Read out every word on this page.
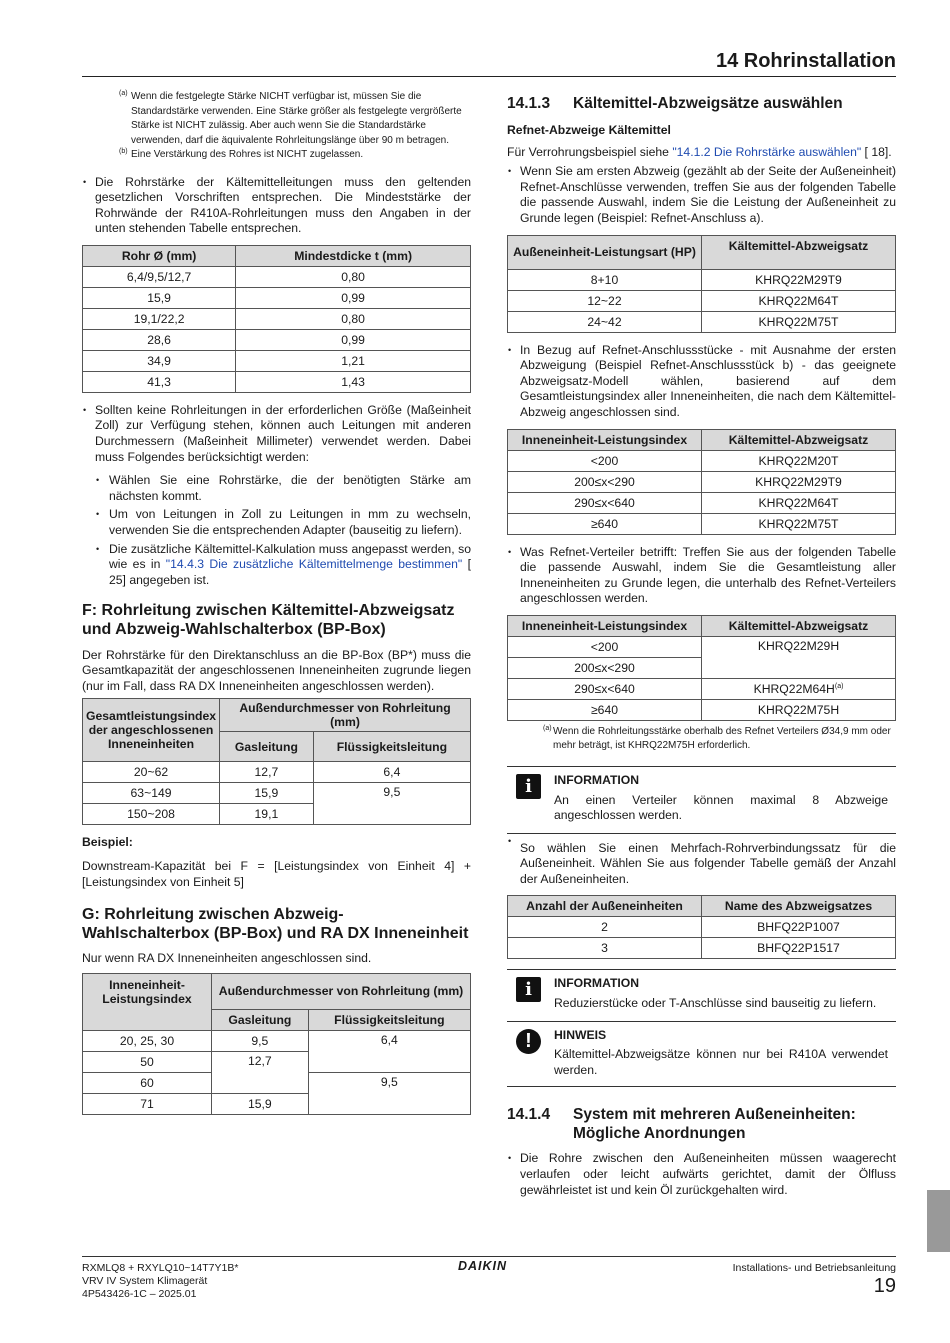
14 Rohrinstallation
(a) Wenn die festgelegte Stärke NICHT verfügbar ist, müssen Sie die Standardstärke verwenden. Eine Stärke größer als festgelegte vergrößerte Stärke ist NICHT zulässig. Aber auch wenn Sie die Standardstärke verwenden, darf die äquivalente Rohrleitungslänge über 90 m betragen.
(b) Eine Verstärkung des Rohres ist NICHT zugelassen.
• Die Rohrstärke der Kältemittelleitungen muss den geltenden gesetzlichen Vorschriften entsprechen. Die Mindeststärke der Rohrwände der R410A-Rohrleitungen muss den Angaben in der unten stehenden Tabelle entsprechen.
Rohr Ø (mm)	Mindestdicke t (mm)
6,4/9,5/12,7	0,80
15,9	0,99
19,1/22,2	0,80
28,6	0,99
34,9	1,21
41,3	1,43
• Sollten keine Rohrleitungen in der erforderlichen Größe (Maßeinheit Zoll) zur Verfügung stehen, können auch Leitungen mit anderen Durchmessern (Maßeinheit Millimeter) verwendet werden. Dabei muss Folgendes berücksichtigt werden:
• Wählen Sie eine Rohrstärke, die der benötigten Stärke am nächsten kommt.
• Um von Leitungen in Zoll zu Leitungen in mm zu wechseln, verwenden Sie die entsprechenden Adapter (bauseitig zu liefern).
• Die zusätzliche Kältemittel-Kalkulation muss angepasst werden, so wie es in "14.4.3 Die zusätzliche Kältemittelmenge bestimmen" [ 25] angegeben ist.
F: Rohrleitung zwischen Kältemittel-Abzweigsatz und Abzweig-Wahlschalterbox (BP-Box)

Der Rohrstärke für den Direktanschluss an die BP-Box (BP*) muss die Gesamtkapazität der angeschlossenen Inneneinheiten zugrunde liegen (nur im Fall, dass RA DX Inneneinheiten angeschlossen werden).

Gesamtleistungsindex der angeschlossenen Inneneinheiten	Außendurchmesser von Rohrleitung (mm)	
	Gasleitung	Flüssigkeitsleitung
20~62	12,7	6,4
63~149	15,9	9,5
150~208	19,1	
Beispiel:

Downstream-Kapazität bei F = [Leistungsindex von Einheit 4] + [Leistungsindex von Einheit 5]

G: Rohrleitung zwischen Abzweig-Wahlschalterbox (BP-Box) und RA DX Inneneinheit

Nur wenn RA DX Inneneinheiten angeschlossen sind.

Inneneinheit-Leistungsindex	Außendurchmesser von Rohrleitung (mm)	
	Gasleitung	Flüssigkeitsleitung
20, 25, 30	9,5	6,4
50	12,7	
60		9,5
71	15,9	
14.1.3 Kältemittel-Abzweigsätze auswählen
Refnet-Abzweige Kältemittel

Für Verrohrungsbeispiel siehe "14.1.2 Die Rohrstärke auswählen" [ 18].

• Wenn Sie am ersten Abzweig (gezählt ab der Seite der Außeneinheit) Refnet-Anschlüsse verwenden, treffen Sie aus der folgenden Tabelle die passende Auswahl, indem Sie die Leistung der Außeneinheit zu Grunde legen (Beispiel: Refnet-Anschluss a).
Außeneinheit-Leistungsart (HP)	Kältemittel-Abzweigsatz
8+10	KHRQ22M29T9
12~22	KHRQ22M64T
24~42	KHRQ22M75T
• In Bezug auf Refnet-Anschlussstücke - mit Ausnahme der ersten Abzweigung (Beispiel Refnet-Anschlussstück b) - das geeignete Abzweigsatz-Modell wählen, basierend auf dem Gesamtleistungsindex aller Inneneinheiten, die nach dem Kältemittel-Abzweig angeschlossen sind.
Inneneinheit-Leistungsindex	Kältemittel-Abzweigsatz
<200	KHRQ22M20T
200≤x<290	KHRQ22M29T9
290≤x<640	KHRQ22M64T
≥640	KHRQ22M75T
• Was Refnet-Verteiler betrifft: Treffen Sie aus der folgenden Tabelle die passende Auswahl, indem Sie die Gesamtleistung aller Inneneinheiten zu Grunde legen, die unterhalb des Refnet-Verteilers angeschlossen werden.
Inneneinheit-Leistungsindex	Kältemittel-Abzweigsatz
<200	KHRQ22M29H
200≤x<290	
290≤x<640	$KHRQ22M64H^{(a)}$
≥640	KHRQ22M75H
(a) Wenn die Rohrleitungsstärke oberhalb des Refnet Verteilers Ø34,9 mm oder mehr beträgt, ist KHRQ22M75H erforderlich.
i	INFORMATION
An einen Verteiler können maximal 8 Abzweige angeschlossen werden.
• So wählen Sie einen Mehrfach-Rohrverbindungssatz für die Außeneinheit. Wählen Sie aus folgender Tabelle gemäß der Anzahl der Außeneinheiten.
Anzahl der Außeneinheiten	Name des Abzweigsatzes
2	BHFQ22P1007
3	BHFQ22P1517
i	INFORMATION
Reduzierstücke oder T-Anschlüsse sind bauseitig zu liefern.
!	HINWEIS
Kältemittel-Abzweigsätze können nur bei R410A verwendet werden.
14.1.4 System mit mehreren Außeneinheiten: Mögliche Anordnungen
• Die Rohre zwischen den Außeneinheiten müssen waagerecht verlaufen oder leicht aufwärts gerichtet, damit der Ölfluss gewährleistet ist und kein Öl zurückgehalten wird.
RXMLQ8 + RXYLQ10~14T7Y1B*
VRV IV System Klimagerät
4P543426-1C – 2025.01
DAIKIN	Installations- und Betriebsanleitung
19
